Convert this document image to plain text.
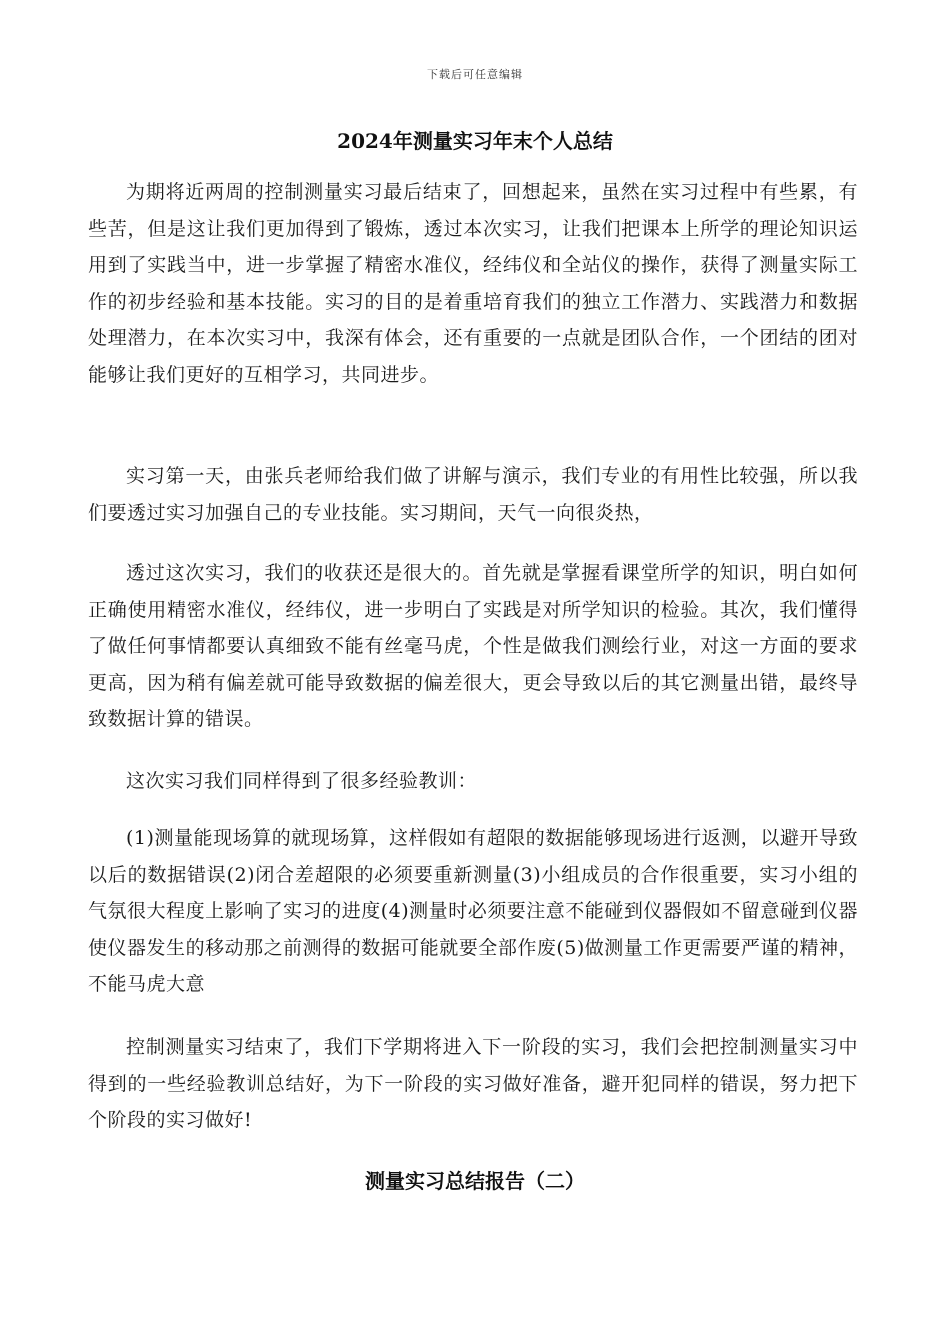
下载后可任意编辑
2024年测量实习年末个人总结

为期将近两周的控制测量实习最后结束了，回想起来，虽然在实习过程中有些累，有些苦，但是这让我们更加得到了锻炼，透过本次实习，让我们把课本上所学的理论知识运用到了实践当中，进一步掌握了精密水准仪，经纬仪和全站仪的操作，获得了测量实际工作的初步经验和基本技能。实习的目的是着重培育我们的独立工作潜力、实践潜力和数据处理潜力，在本次实习中，我深有体会，还有重要的一点就是团队合作，一个团结的团对能够让我们更好的互相学习，共同进步。

实习第一天，由张兵老师给我们做了讲解与演示，我们专业的有用性比较强，所以我们要透过实习加强自己的专业技能。实习期间，天气一向很炎热，

透过这次实习，我们的收获还是很大的。首先就是掌握看课堂所学的知识，明白如何正确使用精密水准仪，经纬仪，进一步明白了实践是对所学知识的检验。其次，我们懂得了做任何事情都要认真细致不能有丝毫马虎，个性是做我们测绘行业，对这一方面的要求更高，因为稍有偏差就可能导致数据的偏差很大，更会导致以后的其它测量出错，最终导致数据计算的错误。

这次实习我们同样得到了很多经验教训：

(1)测量能现场算的就现场算，这样假如有超限的数据能够现场进行返测，以避开导致以后的数据错误(2)闭合差超限的必须要重新测量(3)小组成员的合作很重要，实习小组的气氛很大程度上影响了实习的进度(4)测量时必须要注意不能碰到仪器假如不留意碰到仪器使仪器发生的移动那之前测得的数据可能就要全部作废(5)做测量工作更需要严谨的精神，不能马虎大意

控制测量实习结束了，我们下学期将进入下一阶段的实习，我们会把控制测量实习中得到的一些经验教训总结好，为下一阶段的实习做好准备，避开犯同样的错误，努力把下个阶段的实习做好!

测量实习总结报告（二）
